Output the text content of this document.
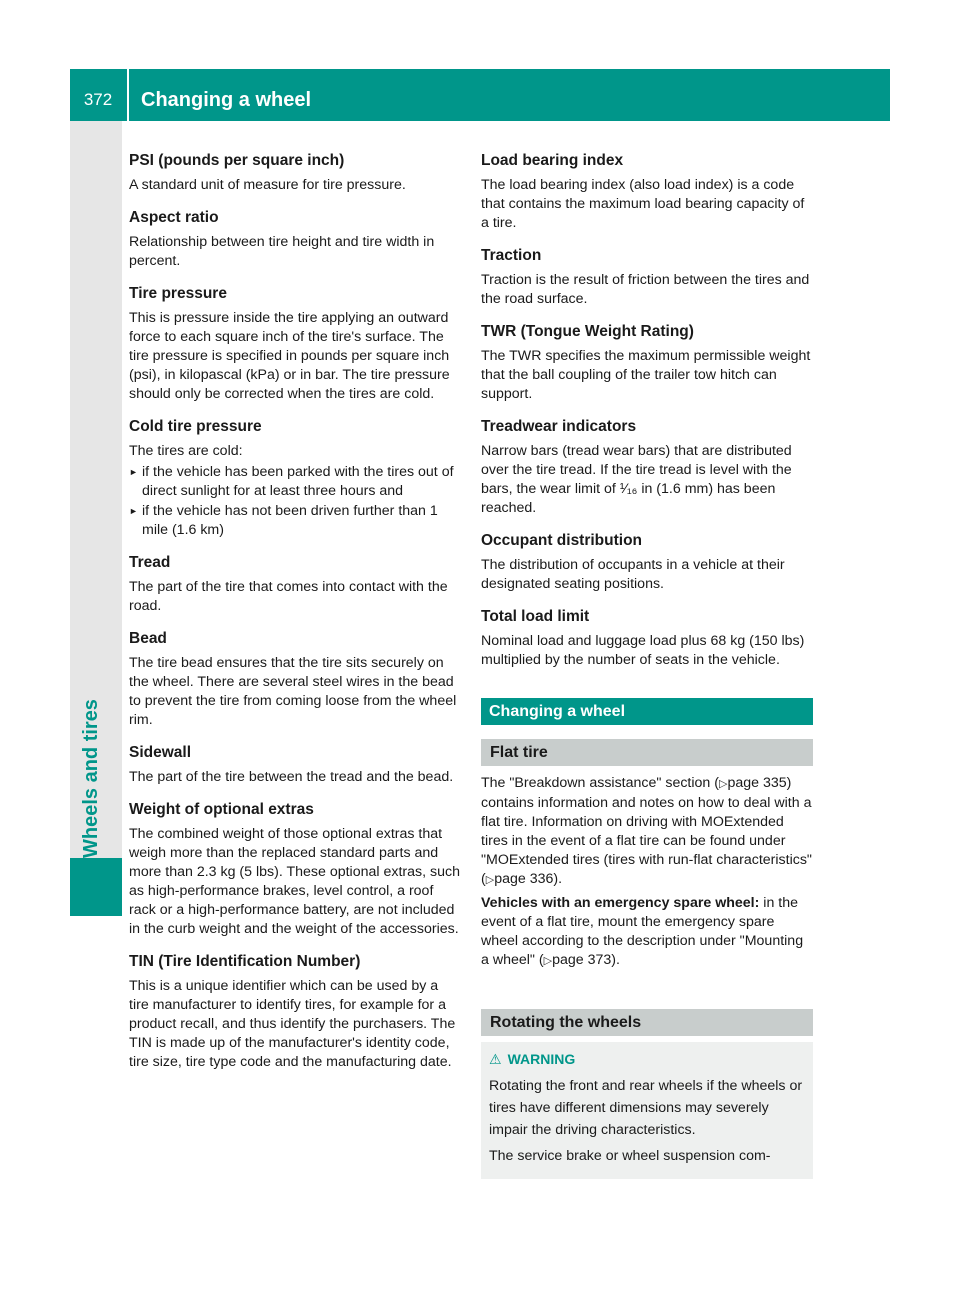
372	Changing a wheel
Wheels and tires
PSI (pounds per square inch)

A standard unit of measure for tire pressure.

Aspect ratio

Relationship between tire height and tire width in percent.

Tire pressure

This is pressure inside the tire applying an outward force to each square inch of the tire's surface. The tire pressure is specified in pounds per square inch (psi), in kilopascal (kPa) or in bar. The tire pressure should only be corrected when the tires are cold.

Cold tire pressure

The tires are cold:

► if the vehicle has been parked with the tires out of direct sunlight for at least three hours and
► if the vehicle has not been driven further than 1 mile (1.6 km)
Tread

The part of the tire that comes into contact with the road.

Bead

The tire bead ensures that the tire sits securely on the wheel. There are several steel wires in the bead to prevent the tire from coming loose from the wheel rim.

Sidewall

The part of the tire between the tread and the bead.

Weight of optional extras

The combined weight of those optional extras that weigh more than the replaced standard parts and more than 2.3 kg (5 lbs). These optional extras, such as high-performance brakes, level control, a roof rack or a high-performance battery, are not included in the curb weight and the weight of the accessories.

TIN (Tire Identification Number)

This is a unique identifier which can be used by a tire manufacturer to identify tires, for example for a product recall, and thus identify the purchasers. The TIN is made up of the manufacturer's identity code, tire size, tire type code and the manufacturing date.

Load bearing index

The load bearing index (also load index) is a code that contains the maximum load bearing capacity of a tire.

Traction

Traction is the result of friction between the tires and the road surface.

TWR (Tongue Weight Rating)

The TWR specifies the maximum permissible weight that the ball coupling of the trailer tow hitch can support.

Treadwear indicators

Narrow bars (tread wear bars) that are distributed over the tire tread. If the tire tread is level with the bars, the wear limit of ¹⁄₁₆ in (1.6 mm) has been reached.

Occupant distribution

The distribution of occupants in a vehicle at their designated seating positions.

Total load limit

Nominal load and luggage load plus 68 kg (150 lbs) multiplied by the number of seats in the vehicle.

Changing a wheel
Flat tire

The "Breakdown assistance" section (▷page 335) contains information and notes on how to deal with a flat tire. Information on driving with MOExtended tires in the event of a flat tire can be found under "MOExtended tires (tires with run-flat characteristics" (▷page 336).

Vehicles with an emergency spare wheel: in the event of a flat tire, mount the emergency spare wheel according to the description under "Mounting a wheel" (▷page 373).

Rotating the wheels
⚠ WARNING

Rotating the front and rear wheels if the wheels or tires have different dimensions may severely impair the driving characteristics.

The service brake or wheel suspension com-
